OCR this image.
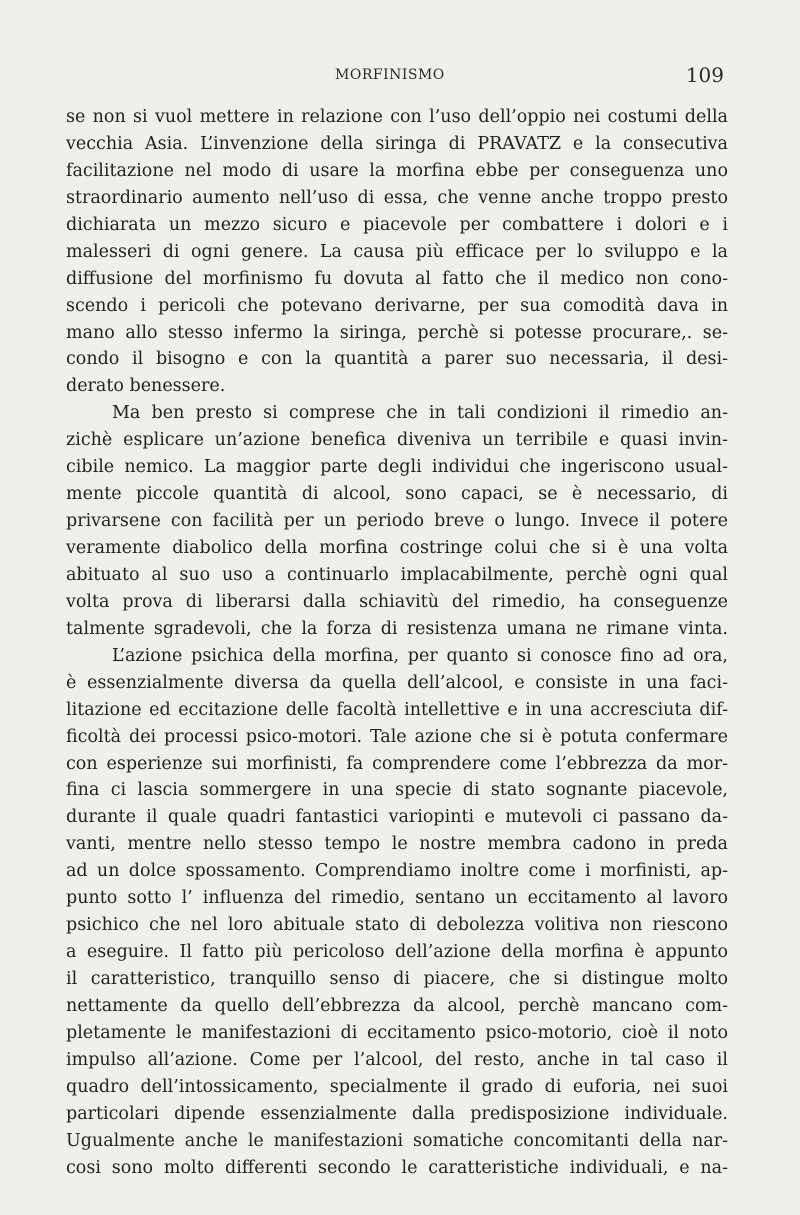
MORFINISMO	109
se non si vuol mettere in relazione con l’uso dell’oppio nei costumi della
vecchia Asia. L’invenzione della siringa di PRAVATZ e la consecutiva
facilitazione nel modo di usare la morfina ebbe per conseguenza uno
straordinario aumento nell’uso di essa, che venne anche troppo presto
dichiarata un mezzo sicuro e piacevole per combattere i dolori e i
malesseri di ogni genere. La causa più efficace per lo sviluppo e la
diffusione del morfinismo fu dovuta al fatto che il medico non cono-
scendo i pericoli che potevano derivarne, per sua comodità dava in
mano allo stesso infermo la siringa, perchè si potesse procurare,. se-
condo il bisogno e con la quantità a parer suo necessaria, il desi-
derato benessere.
Ma ben presto si comprese che in tali condizioni il rimedio an-
zichè esplicare un’azione benefica diveniva un terribile e quasi invin-
cibile nemico. La maggior parte degli individui che ingeriscono usual-
mente piccole quantità di alcool, sono capaci, se è necessario, di
privarsene con facilità per un periodo breve o lungo. Invece il potere
veramente diabolico della morfina costringe colui che si è una volta
abituato al suo uso a continuarlo implacabilmente, perchè ogni qual
volta prova di liberarsi dalla schiavitù del rimedio, ha conseguenze
talmente sgradevoli, che la forza di resistenza umana ne rimane vinta.
L’azione psichica della morfina, per quanto si conosce fino ad ora,
è essenzialmente diversa da quella dell’alcool, e consiste in una faci-
litazione ed eccitazione delle facoltà intellettive e in una accresciuta dif-
ficoltà dei processi psico-motori. Tale azione che si è potuta confermare
con esperienze sui morfinisti, fa comprendere come l’ebbrezza da mor-
fina ci lascia sommergere in una specie di stato sognante piacevole,
durante il quale quadri fantastici variopinti e mutevoli ci passano da-
vanti, mentre nello stesso tempo le nostre membra cadono in preda
ad un dolce spossamento. Comprendiamo inoltre come i morfinisti, ap-
punto sotto l’ influenza del rimedio, sentano un eccitamento al lavoro
psichico che nel loro abituale stato di debolezza volitiva non riescono
a eseguire. Il fatto più pericoloso dell’azione della morfina è appunto
il caratteristico, tranquillo senso di piacere, che si distingue molto
nettamente da quello dell’ebbrezza da alcool, perchè mancano com-
pletamente le manifestazioni di eccitamento psico-motorio, cioè il noto
impulso all’azione. Come per l’alcool, del resto, anche in tal caso il
quadro dell’intossicamento, specialmente il grado di euforia, nei suoi
particolari dipende essenzialmente dalla predisposizione individuale.
Ugualmente anche le manifestazioni somatiche concomitanti della nar-
cosi sono molto differenti secondo le caratteristiche individuali, e na-
